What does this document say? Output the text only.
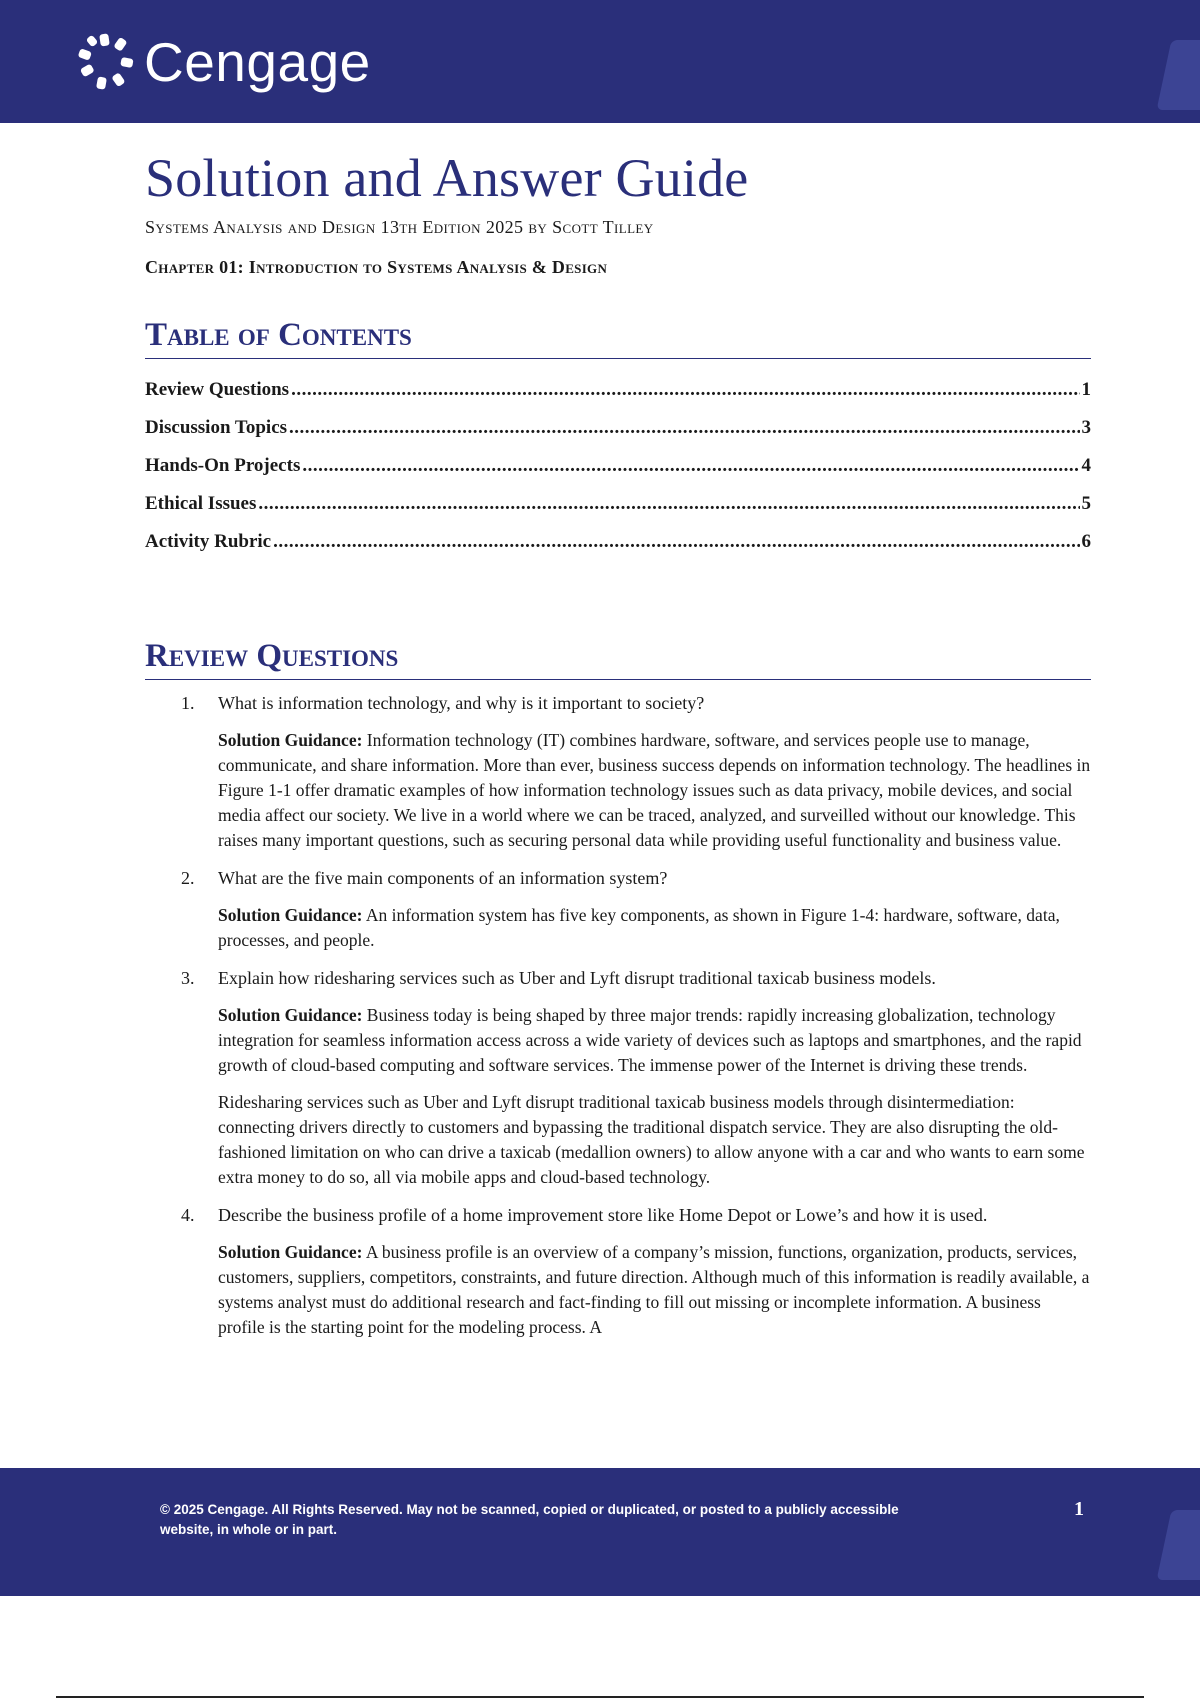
Cengage
Solution and Answer Guide
Systems Analysis and Design 13th Edition 2025 by Scott Tilley
Chapter 01: Introduction to Systems Analysis & Design
Table of Contents
Review Questions .....	1
Discussion Topics .....	3
Hands-On Projects .....	4
Ethical Issues .....	5
Activity Rubric .....	6
Review Questions
1. What is information technology, and why is it important to society?

Solution Guidance: Information technology (IT) combines hardware, software, and services people use to manage, communicate, and share information. More than ever, business success depends on information technology. The headlines in Figure 1-1 offer dramatic examples of how information technology issues such as data privacy, mobile devices, and social media affect our society. We live in a world where we can be traced, analyzed, and surveilled without our knowledge. This raises many important questions, such as securing personal data while providing useful functionality and business value.

2. What are the five main components of an information system?

Solution Guidance: An information system has five key components, as shown in Figure 1-4: hardware, software, data, processes, and people.

3. Explain how ridesharing services such as Uber and Lyft disrupt traditional taxicab business models.

Solution Guidance: Business today is being shaped by three major trends: rapidly increasing globalization, technology integration for seamless information access across a wide variety of devices such as laptops and smartphones, and the rapid growth of cloud-based computing and software services. The immense power of the Internet is driving these trends.

Ridesharing services such as Uber and Lyft disrupt traditional taxicab business models through disintermediation: connecting drivers directly to customers and bypassing the traditional dispatch service. They are also disrupting the old-fashioned limitation on who can drive a taxicab (medallion owners) to allow anyone with a car and who wants to earn some extra money to do so, all via mobile apps and cloud-based technology.

4. Describe the business profile of a home improvement store like Home Depot or Lowe’s and how it is used.

Solution Guidance: A business profile is an overview of a company’s mission, functions, organization, products, services, customers, suppliers, competitors, constraints, and future direction. Although much of this information is readily available, a systems analyst must do additional research and fact-finding to fill out missing or incomplete information. A business profile is the starting point for the modeling process. A

© 2025 Cengage. All Rights Reserved. May not be scanned, copied or duplicated, or posted to a publicly accessible website, in whole or in part.
1
